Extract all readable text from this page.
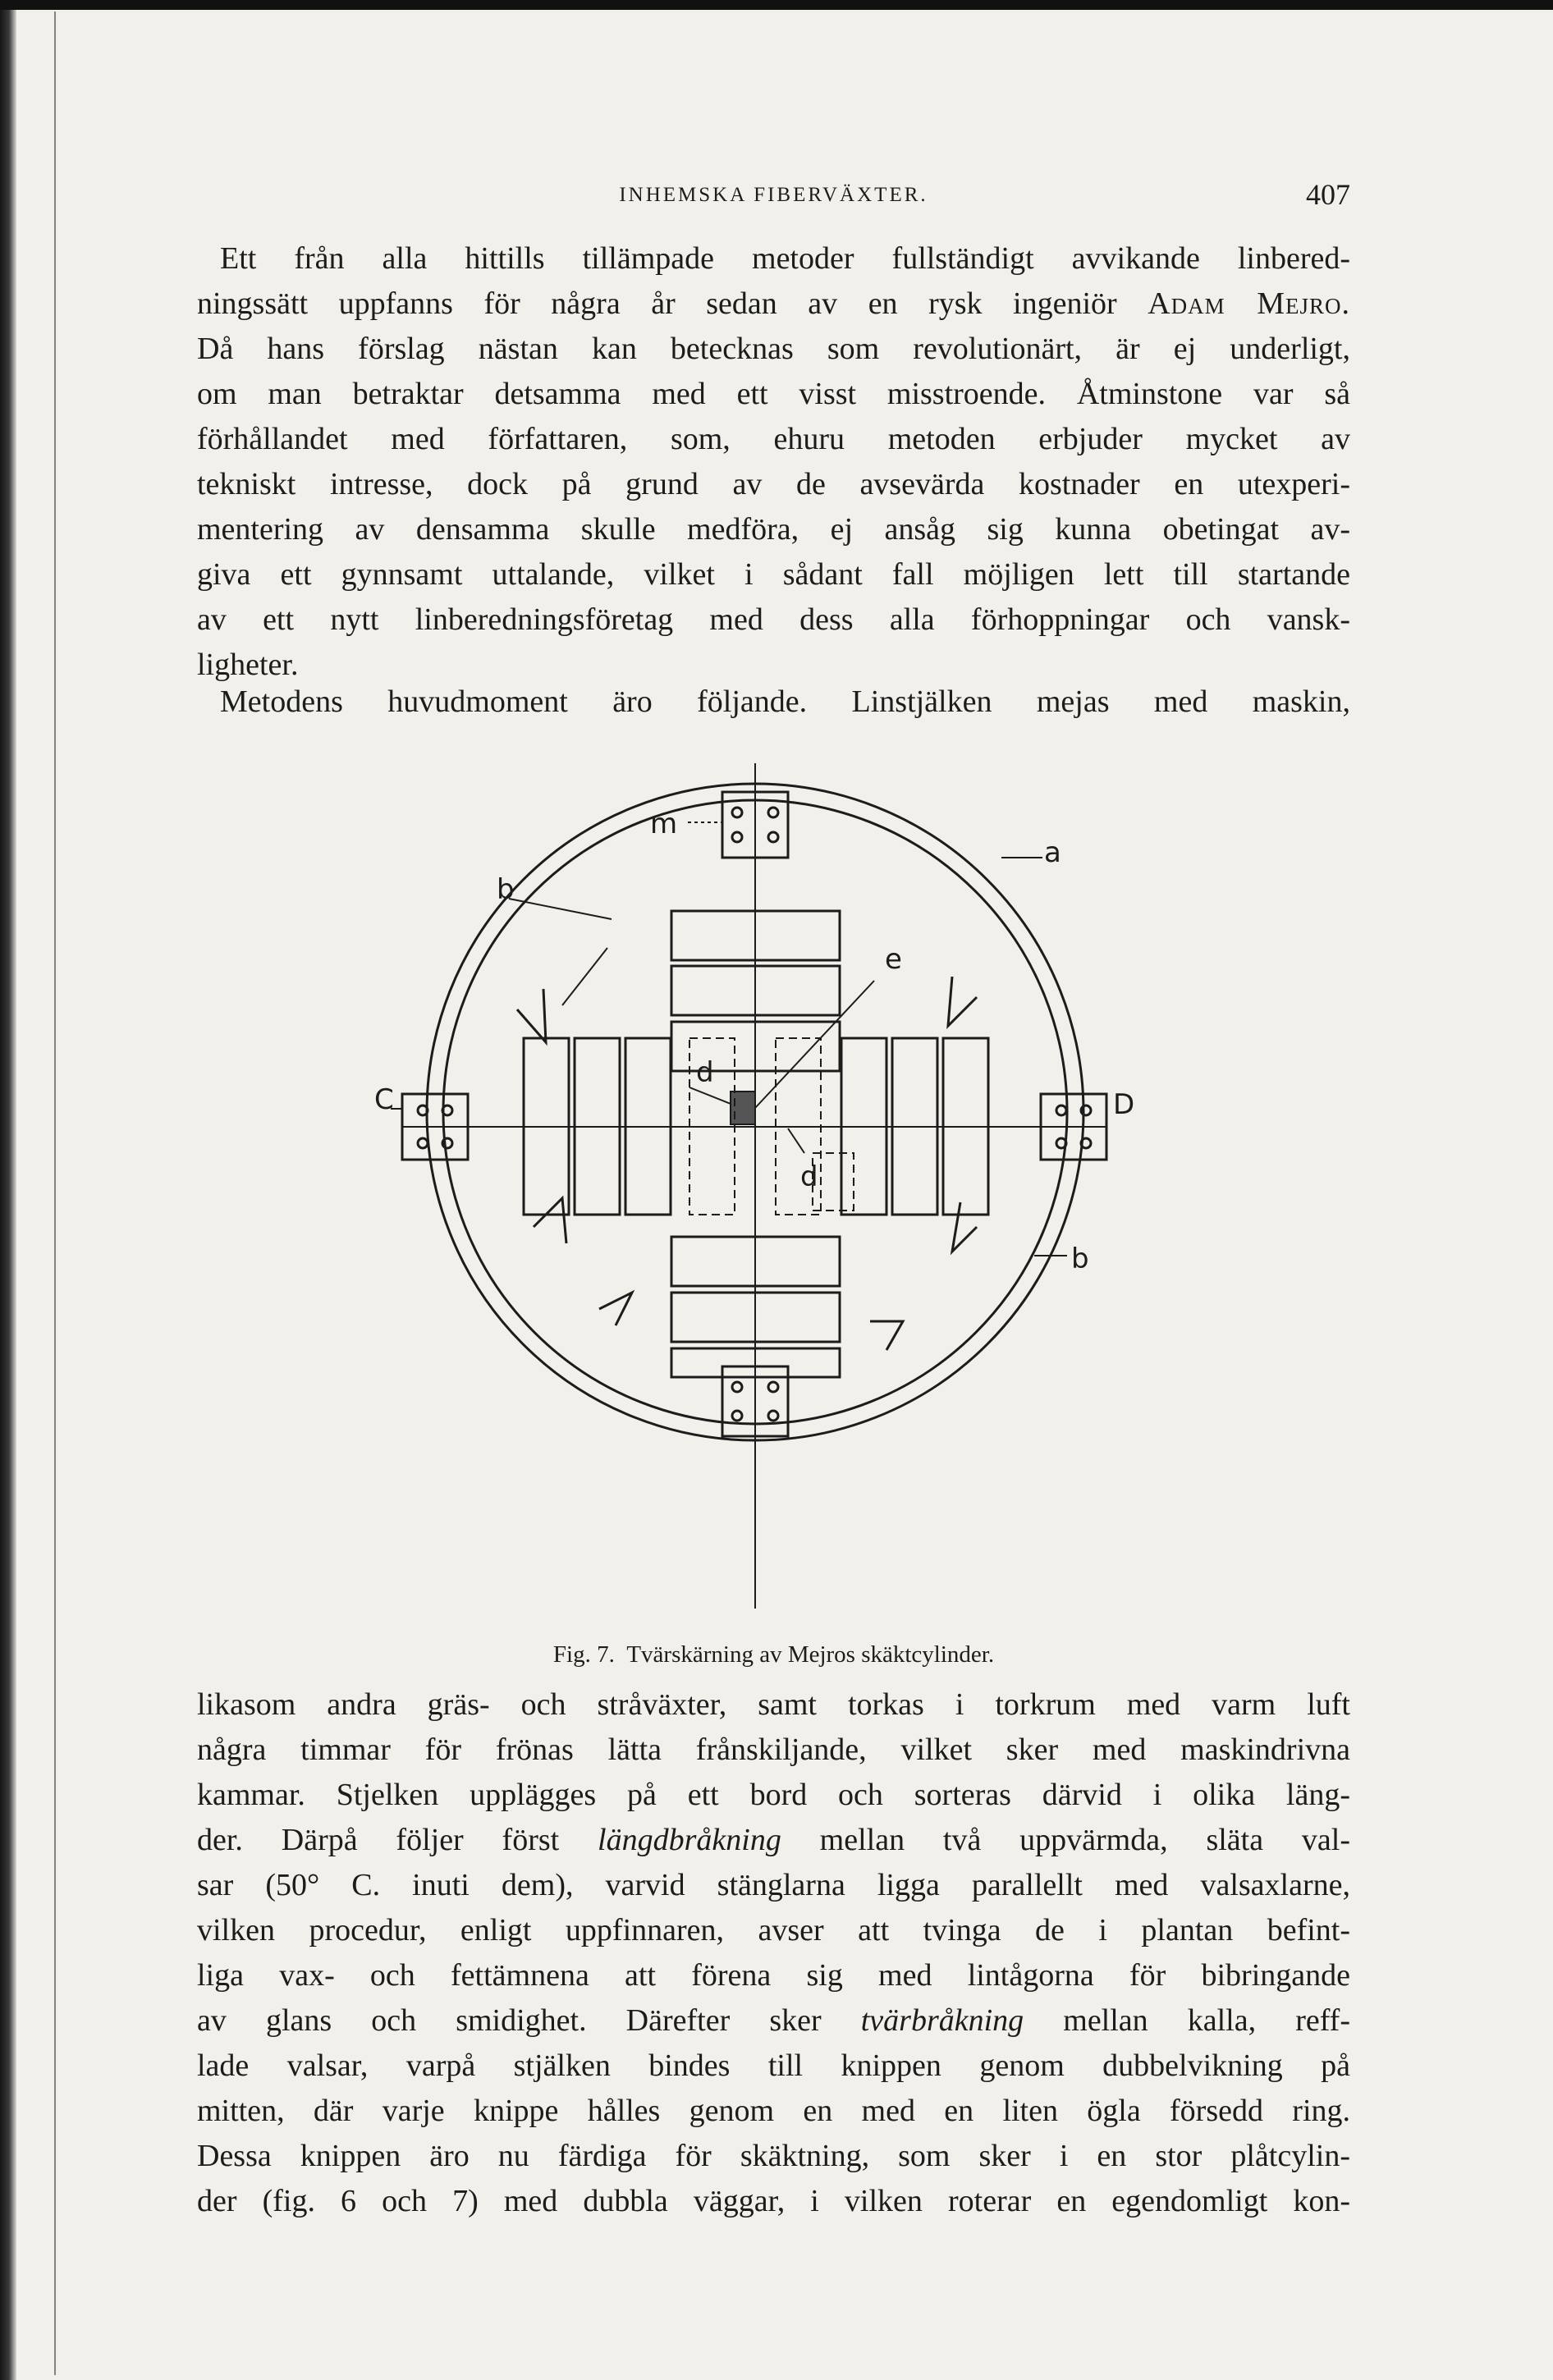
INHEMSKA FIBERVÄXTER.	407
Ett från alla hittills tillämpade metoder fullständigt avvikande linbered-
ningssätt uppfanns för några år sedan av en rysk ingeniör Adam Mejro.
Då hans förslag nästan kan betecknas som revolutionärt, är ej underligt,
om man betraktar detsamma med ett visst misstroende. Åtminstone var så
förhållandet med författaren, som, ehuru metoden erbjuder mycket av
tekniskt intresse, dock på grund av de avsevärda kostnader en utexperi-
mentering av densamma skulle medföra, ej ansåg sig kunna obetingat av-
giva ett gynnsamt uttalande, vilket i sådant fall möjligen lett till startande
av ett nytt linberedningsföretag med dess alla förhoppningar och vansk-
ligheter.
Metodens huvudmoment äro följande. Linstjälken mejas med maskin,
m
b
a
e
d
d
C	D
b
Fig. 7. Tvärskärning av Mejros skäktcylinder.
likasom andra gräs- och stråväxter, samt torkas i torkrum med varm luft
några timmar för frönas lätta frånskiljande, vilket sker med maskindrivna
kammar. Stjelken upplägges på ett bord och sorteras därvid i olika läng-
der. Därpå följer först längdbråkning mellan två uppvärmda, släta val-
sar (50° C. inuti dem), varvid stänglarna ligga parallellt med valsaxlarne,
vilken procedur, enligt uppfinnaren, avser att tvinga de i plantan befint-
liga vax- och fettämnena att förena sig med lintågorna för bibringande
av glans och smidighet. Därefter sker tvärbråkning mellan kalla, reff-
lade valsar, varpå stjälken bindes till knippen genom dubbelvikning på
mitten, där varje knippe hålles genom en med en liten ögla försedd ring.
Dessa knippen äro nu färdiga för skäktning, som sker i en stor plåtcylin-
der (fig. 6 och 7) med dubbla väggar, i vilken roterar en egendomligt kon-
